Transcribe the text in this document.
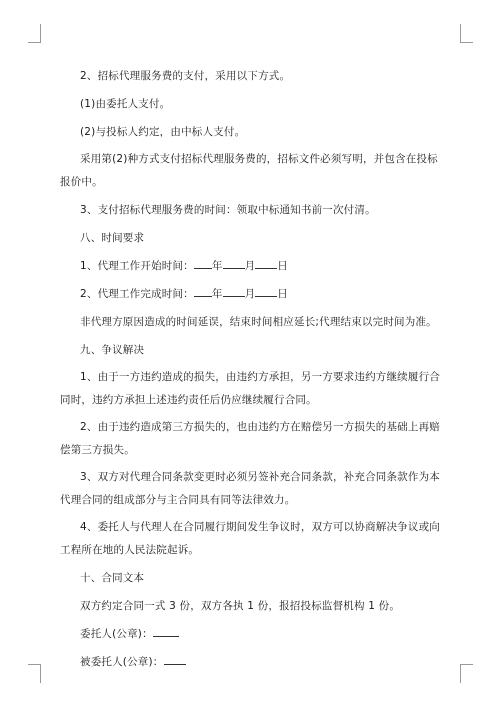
2、招标代理服务费的支付，采用以下方式。

(1)由委托人支付。

(2)与投标人约定，由中标人支付。

采用第(2)种方式支付招标代理服务费的，招标文件必须写明，并包含在投标报价中。

3、支付招标代理服务费的时间：领取中标通知书前一次付清。

八、时间要求

1、代理工作开始时间： 年 月 日

2、代理工作完成时间： 年 月 日

非代理方原因造成的时间延误，结束时间相应延长;代理结束以完时间为准。

九、争议解决

1、由于一方违约造成的损失，由违约方承担，另一方要求违约方继续履行合同时，违约方承担上述违约责任后仍应继续履行合同。

2、由于违约造成第三方损失的，也由违约方在赔偿另一方损失的基础上再赔偿第三方损失。

3、双方对代理合同条款变更时必须另签补充合同条款，补充合同条款作为本代理合同的组成部分与主合同具有同等法律效力。

4、委托人与代理人在合同履行期间发生争议时，双方可以协商解决争议或向工程所在地的人民法院起诉。

十、合同文本

双方约定合同一式 3 份，双方各执 1 份，报招投标监督机构 1 份。

委托人(公章)：

被委托人(公章)：
